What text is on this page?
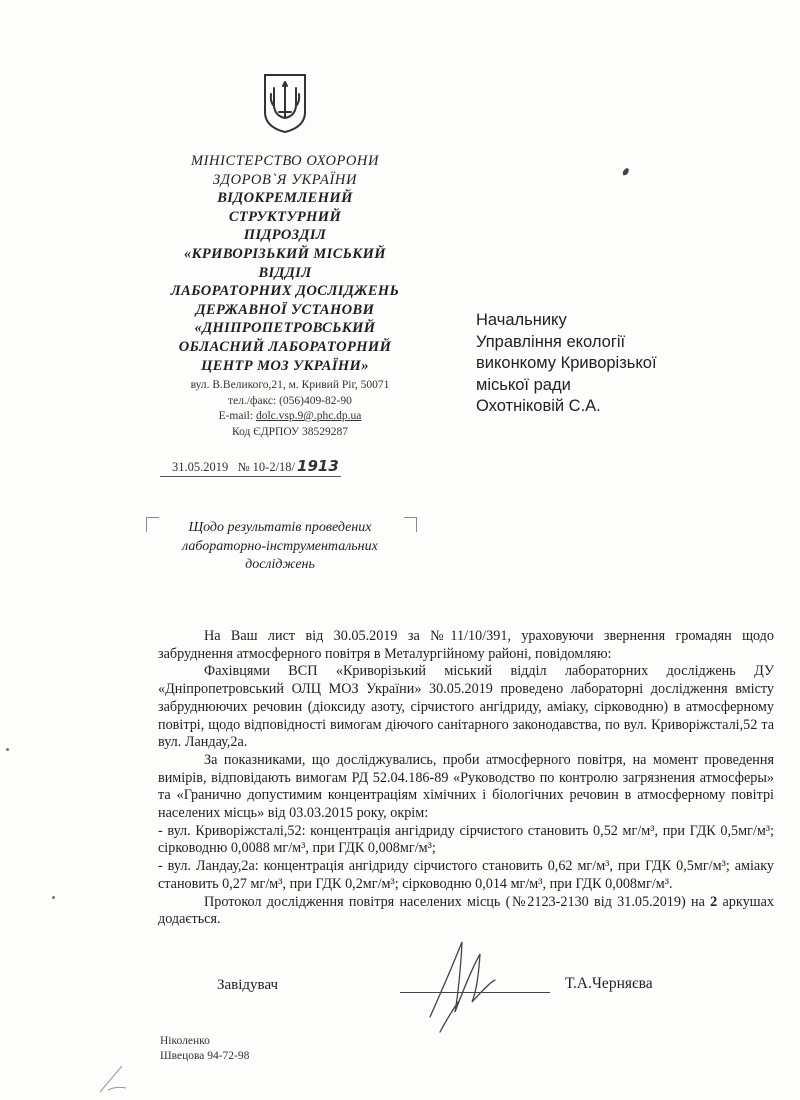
МІНІСТЕРСТВО ОХОРОНИ
ЗДОРОВ`Я УКРАЇНИ
ВІДОКРЕМЛЕНИЙ
СТРУКТУРНИЙ
ПІДРОЗДІЛ
«КРИВОРІЗЬКИЙ МІСЬКИЙ
ВІДДІЛ
ЛАБОРАТОРНИХ ДОСЛІДЖЕНЬ
ДЕРЖАВНОЇ УСТАНОВИ
«ДНІПРОПЕТРОВСЬКИЙ
ОБЛАСНИЙ ЛАБОРАТОРНИЙ
ЦЕНТР МОЗ УКРАЇНИ»
вул. В.Великого,21, м. Кривий Ріг, 50071
тел./факс: (056)409-82-90
E-mail: dolc.vsp.9@.phc.dp.ua
Код ЄДРПОУ 38529287
Начальнику
Управління екології
виконкому Криворізької
міської ради
Охотніковій С.А.
31.05.2019 № 10-2/18/ 1913
Щодо результатів проведених
лабораторно-інструментальних
досліджень

На Ваш лист від 30.05.2019 за №11/10/391, ураховуючи звернення громадян щодо забруднення атмосферного повітря в Металургійному районі, повідомляю:

Фахівцями ВСП «Криворізький міський відділ лабораторних досліджень ДУ «Дніпропетровський ОЛЦ МОЗ України» 30.05.2019 проведено лабораторні дослідження вмісту забруднюючих речовин (діоксиду азоту, сірчистого ангідриду, аміаку, сірководню) в атмосферному повітрі, щодо відповідності вимогам діючого санітарного законодавства, по вул. Криворіжсталі,52 та вул. Ландау,2а.

За показниками, що досліджувались, проби атмосферного повітря, на момент проведення вимірів, відповідають вимогам РД 52.04.186-89 «Руководство по контролю загрязнения атмосферы» та «Гранично допустимим концентраціям хімічних і біологічних речовин в атмосферному повітрі населених місць» від 03.03.2015 року, окрім:

- вул. Криворіжсталі,52: концентрація ангідриду сірчистого становить 0,52 мг/м³, при ГДК 0,5мг/м³; сірководню 0,0088 мг/м³, при ГДК 0,008мг/м³;

- вул. Ландау,2а: концентрація ангідриду сірчистого становить 0,62 мг/м³, при ГДК 0,5мг/м³; аміаку становить 0,27 мг/м³, при ГДК 0,2мг/м³; сірководню 0,014 мг/м³, при ГДК 0,008мг/м³.

Протокол дослідження повітря населених місць (№2123-2130 від 31.05.2019) на 2 аркушах додається.

Завідувач	Т.А.Черняєва
Ніколенко
Швецова 94-72-98
